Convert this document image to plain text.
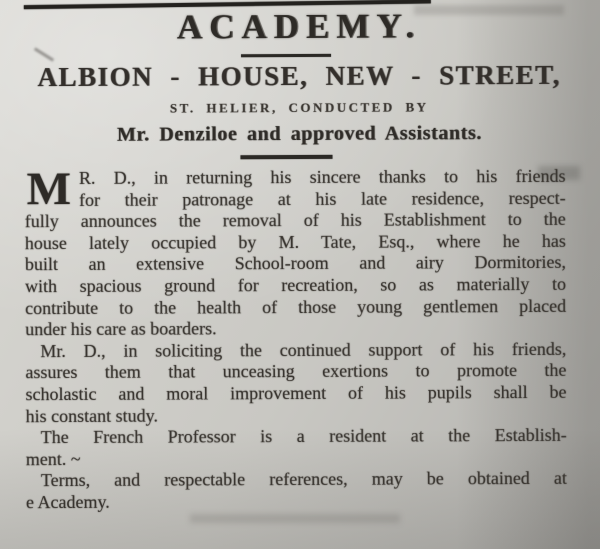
ACADEMY.
ALBION - HOUSE, NEW - STREET,
ST. HELIER, CONDUCTED BY
Mr. Denziloe and approved Assistants.
M R. D., in returning his sincere thanks to his friends
for their patronage at his late residence, respect-
fully announces the removal of his Establishment to the
house lately occupied by M. Tate, Esq., where he has
built an extensive School-room and airy Dormitories,
with spacious ground for recreation, so as materially to
contribute to the health of those young gentlemen placed
under his care as boarders.
Mr. D., in soliciting the continued support of his friends,
assures them that unceasing exertions to promote the
scholastic and moral improvement of his pupils shall be
his constant study.
The French Professor is a resident at the Establish-
ment. ~
Terms, and respectable references, may be obtained at
e Academy.
